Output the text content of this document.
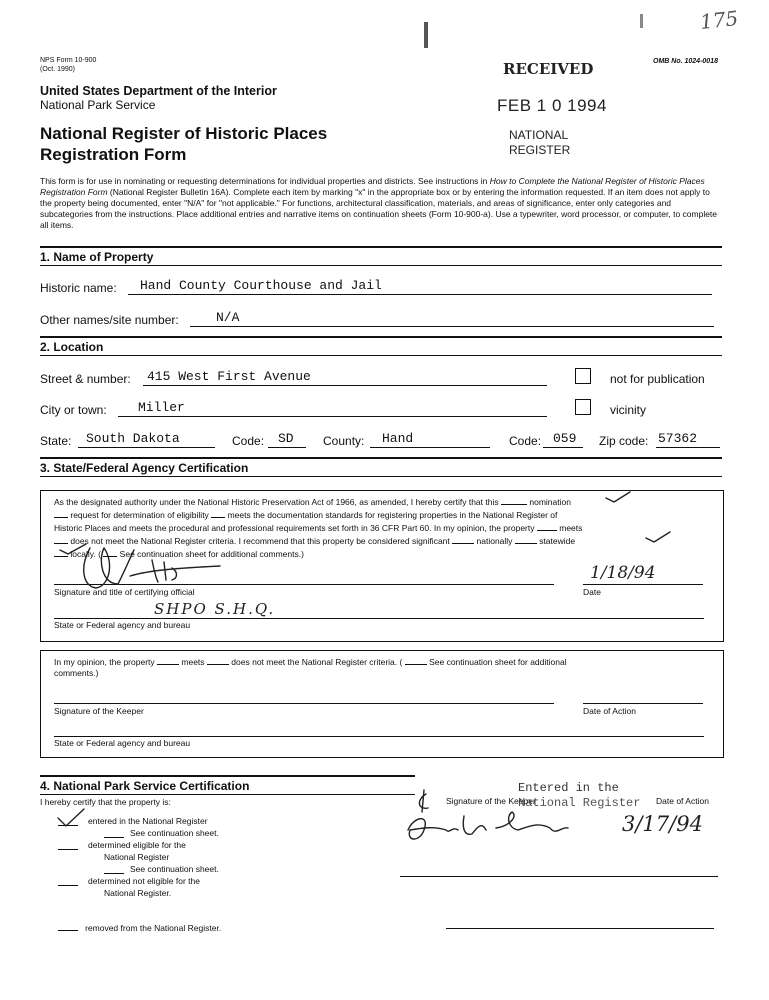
NPS Form 10-900
(Oct. 1990)
OMB No. 1024-0018
175
United States Department of the Interior
National Park Service
National Register of Historic Places
Registration Form
RECEIVED
FEB 1 0 1994
NATIONAL
REGISTER
This form is for use in nominating or requesting determinations for individual properties and districts. See instructions in How to Complete the National Register of Historic Places Registration Form (National Register Bulletin 16A). Complete each item by marking "x" in the appropriate box or by entering the information requested. If an item does not apply to the property being documented, enter "N/A" for "not applicable." For functions, architectural classification, materials, and areas of significance, enter only categories and subcategories from the instructions. Place additional entries and narrative items on continuation sheets (Form 10-900-a). Use a typewriter, word processor, or computer, to complete all items.
1. Name of Property
Historic name: Hand County Courthouse and Jail
Other names/site number:	N/A
2. Location
Street & number: 415 West First Avenue	not for publication
City or town: Miller	vicinity
State: South Dakota	Code: SD County: Hand	Code: 059 Zip code: 57362
3. State/Federal Agency Certification
As the designated authority under the National Historic Preservation Act of 1966, as amended, I hereby certify that this	nomination
request for determination of eligibility meets the documentation standards for registering properties in the National Register of
Historic Places and meets the procedural and professional requirements set forth in 36 CFR Part 60. In my opinion, the property	meets
does not meet the National Register criteria. I recommend that this property be considered significant	nationally	statewide
locally. ( See continuation sheet for additional comments.)
Signature and title of certifying official	Date
1/18/94
SHPO S.H.Q.
State or Federal agency and bureau
In my opinion, the property	meets	does not meet the National Register criteria. (	See continuation sheet for additional
comments.)
Signature of the Keeper	Date of Action
State or Federal agency and bureau
4. National Park Service Certification
I hereby certify that the property is:
entered in the National Register
See continuation sheet.
determined eligible for the
National Register
See continuation sheet.
determined not eligible for the
National Register.
removed from the National Register.
Signature of the Keeper	Date of Action
Entered in the
National Register
3/17/94
